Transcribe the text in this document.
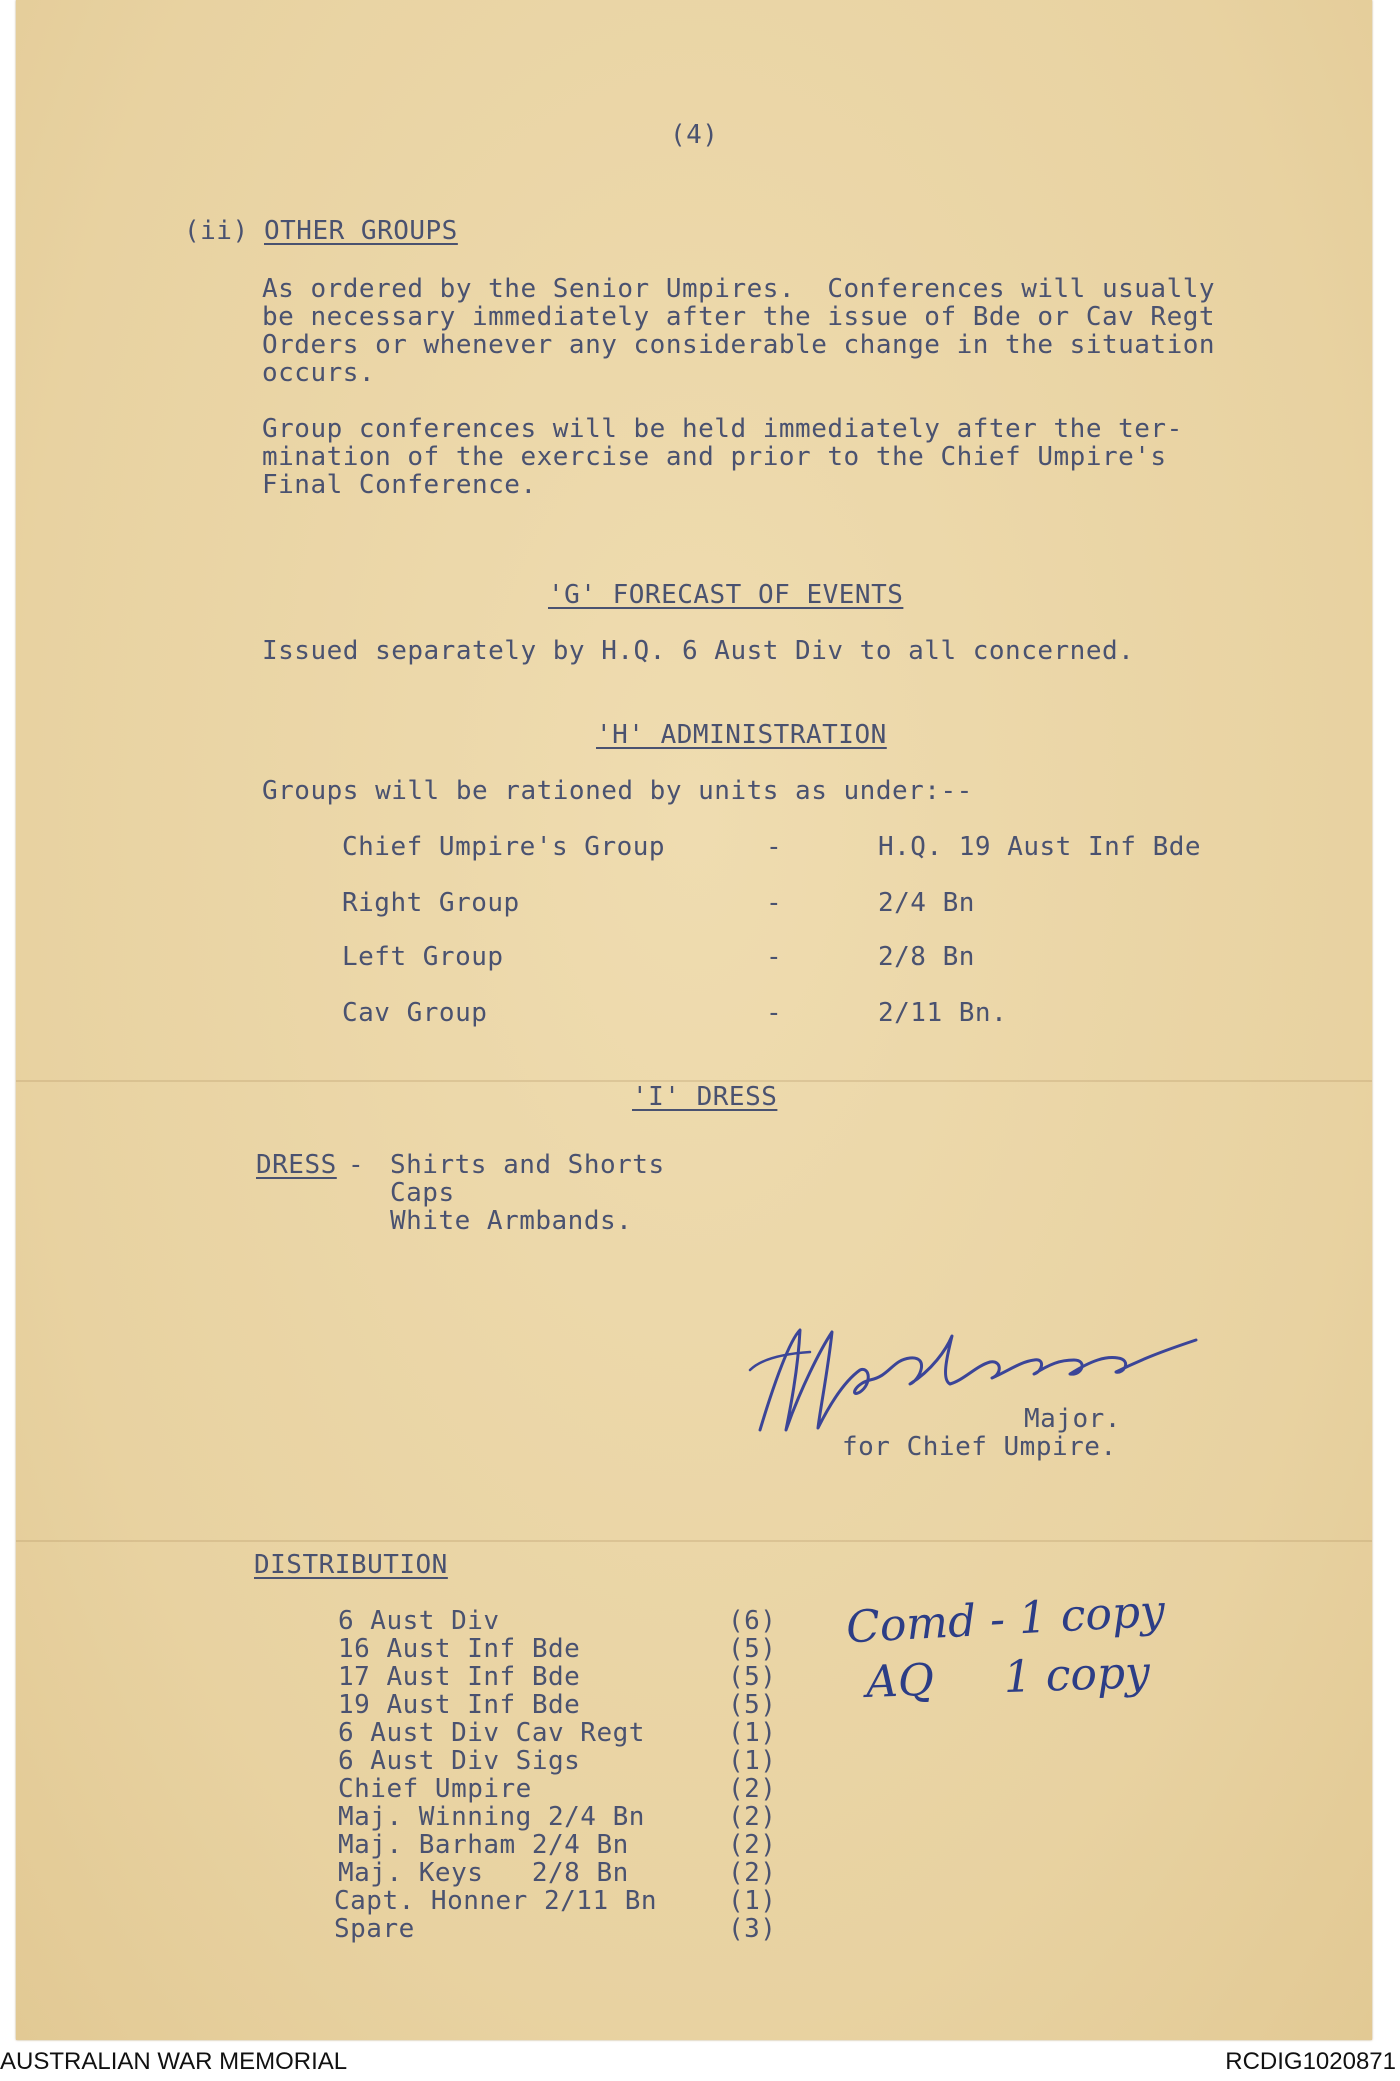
(4)
(ii) OTHER GROUPS
As ordered by the Senior Umpires.  Conferences will usually
be necessary immediately after the issue of Bde or Cav Regt
Orders or whenever any considerable change in the situation
occurs.
Group conferences will be held immediately after the ter-
mination of the exercise and prior to the Chief Umpire's
Final Conference.
'G' FORECAST OF EVENTS
Issued separately by H.Q. 6 Aust Div to all concerned.
'H' ADMINISTRATION
Groups will be rationed by units as under:--
Chief Umpire's Group	-	H.Q. 19 Aust Inf Bde
Right Group	-	2/4 Bn
Left Group	-	2/8 Bn
Cav Group	-	2/11 Bn.
'I' DRESS
DRESS - Shirts and Shorts
Caps
White Armbands.
Major.
for Chief Umpire.
DISTRIBUTION
6 Aust Div	(6)
16 Aust Inf Bde	(5)
17 Aust Inf Bde	(5)
19 Aust Inf Bde	(5)
6 Aust Div Cav Regt	(1)
6 Aust Div Sigs	(1)
Chief Umpire	(2)
Maj. Winning 2/4 Bn	(2)
Maj. Barham 2/4 Bn	(2)
Maj. Keys   2/8 Bn	(2)
Capt. Honner 2/11 Bn	(1)
Spare	(3)
Comd - 1 copy
AQ     1 copy
AUSTRALIAN WAR MEMORIAL	RCDIG1020871
